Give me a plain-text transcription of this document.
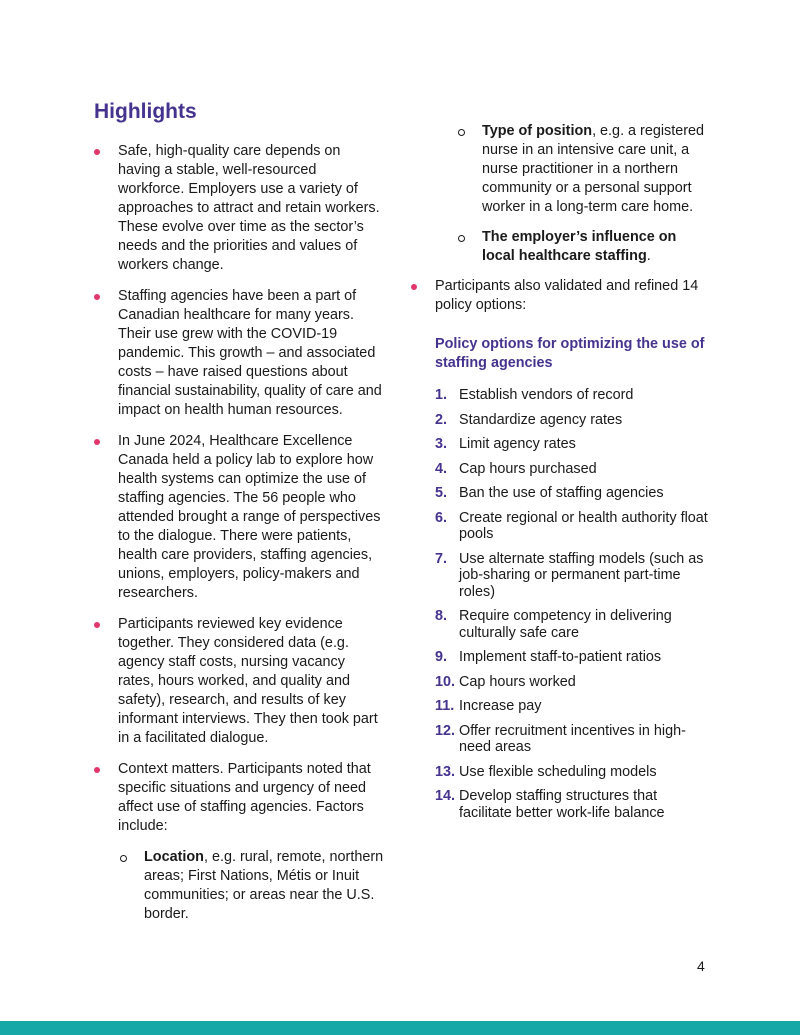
Highlights
Safe, high-quality care depends on having a stable, well-resourced workforce. Employers use a variety of approaches to attract and retain workers. These evolve over time as the sector’s needs and the priorities and values of workers change.
Staffing agencies have been a part of Canadian healthcare for many years. Their use grew with the COVID-19 pandemic. This growth – and associated costs – have raised questions about financial sustainability, quality of care and impact on health human resources.
In June 2024, Healthcare Excellence Canada held a policy lab to explore how health systems can optimize the use of staffing agencies. The 56 people who attended brought a range of perspectives to the dialogue. There were patients, health care providers, staffing agencies, unions, employers, policy-makers and researchers.
Participants reviewed key evidence together. They considered data (e.g. agency staff costs, nursing vacancy rates, hours worked, and quality and safety), research, and results of key informant interviews. They then took part in a facilitated dialogue.
Context matters. Participants noted that specific situations and urgency of need affect use of staffing agencies. Factors include:
Location, e.g. rural, remote, northern areas; First Nations, Métis or Inuit communities; or areas near the U.S. border.
Type of position, e.g. a registered nurse in an intensive care unit, a nurse practitioner in a northern community or a personal support worker in a long-term care home.
The employer’s influence on local healthcare staffing.
Participants also validated and refined 14 policy options:
Policy options for optimizing the use of staffing agencies
1. Establish vendors of record
2. Standardize agency rates
3. Limit agency rates
4. Cap hours purchased
5. Ban the use of staffing agencies
6. Create regional or health authority float pools
7. Use alternate staffing models (such as job-sharing or permanent part-time roles)
8. Require competency in delivering culturally safe care
9. Implement staff-to-patient ratios
10. Cap hours worked
11. Increase pay
12. Offer recruitment incentives in high-need areas
13. Use flexible scheduling models
14. Develop staffing structures that facilitate better work-life balance
4
